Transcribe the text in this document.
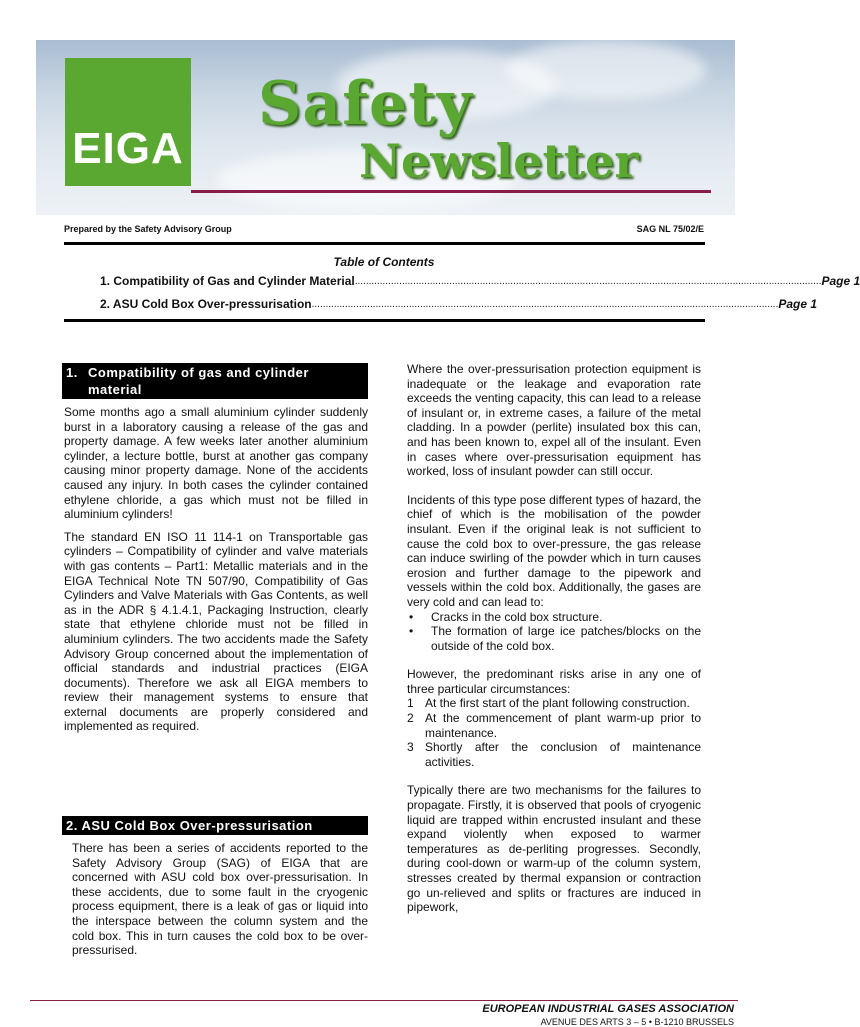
EIGA
Safety
Newsletter
Prepared by the Safety Advisory Group	SAG NL 75/02/E
Table of Contents
1. Compatibility of Gas and Cylinder Material ........................................................................................................................................................................ Page 1
2. ASU Cold Box Over-pressurisation ........................................................................................................................................................................ Page 1
1. Compatibility of gas and cylinder
material

Some months ago a small aluminium cylinder suddenly burst in a laboratory causing a release of the gas and property damage. A few weeks later another aluminium cylinder, a lecture bottle, burst at another gas company causing minor property damage. None of the accidents caused any injury. In both cases the cylinder contained ethylene chloride, a gas which must not be filled in aluminium cylinders!

The standard EN ISO 11 114-1 on Transportable gas cylinders – Compatibility of cylinder and valve materials with gas contents – Part1: Metallic materials and in the EIGA Technical Note TN 507/90, Compatibility of Gas Cylinders and Valve Materials with Gas Contents, as well as in the ADR § 4.1.4.1, Packaging Instruction, clearly state that ethylene chloride must not be filled in aluminium cylinders. The two accidents made the Safety Advisory Group concerned about the implementation of official standards and industrial practices (EIGA documents). Therefore we ask all EIGA members to review their management systems to ensure that external documents are properly considered and implemented as required.

2. ASU Cold Box Over-pressurisation

There has been a series of accidents reported to the Safety Advisory Group (SAG) of EIGA that are concerned with ASU cold box over-pressurisation. In these accidents, due to some fault in the cryogenic process equipment, there is a leak of gas or liquid into the interspace between the column system and the cold box. This in turn causes the cold box to be over-pressurised.

Where the over-pressurisation protection equipment is inadequate or the leakage and evaporation rate exceeds the venting capacity, this can lead to a release of insulant or, in extreme cases, a failure of the metal cladding. In a powder (perlite) insulated box this can, and has been known to, expel all of the insulant. Even in cases where over-pressurisation equipment has worked, loss of insulant powder can still occur.

Incidents of this type pose different types of hazard, the chief of which is the mobilisation of the powder insulant. Even if the original leak is not sufficient to cause the cold box to over-pressure, the gas release can induce swirling of the powder which in turn causes erosion and further damage to the pipework and vessels within the cold box. Additionally, the gases are very cold and can lead to:

• Cracks in the cold box structure.
• The formation of large ice patches/blocks on the outside of the cold box.

However, the predominant risks arise in any one of three particular circumstances:

1 At the first start of the plant following construction.
2 At the commencement of plant warm-up prior to maintenance.
3 Shortly after the conclusion of maintenance activities.

Typically there are two mechanisms for the failures to propagate. Firstly, it is observed that pools of cryogenic liquid are trapped within encrusted insulant and these expand violently when exposed to warmer temperatures as de-perliting progresses. Secondly, during cool-down or warm-up of the column system, stresses created by thermal expansion or contraction go un-relieved and splits or fractures are induced in pipework,

EUROPEAN INDUSTRIAL GASES ASSOCIATION
AVENUE DES ARTS 3 – 5 • B-1210 BRUSSELS
